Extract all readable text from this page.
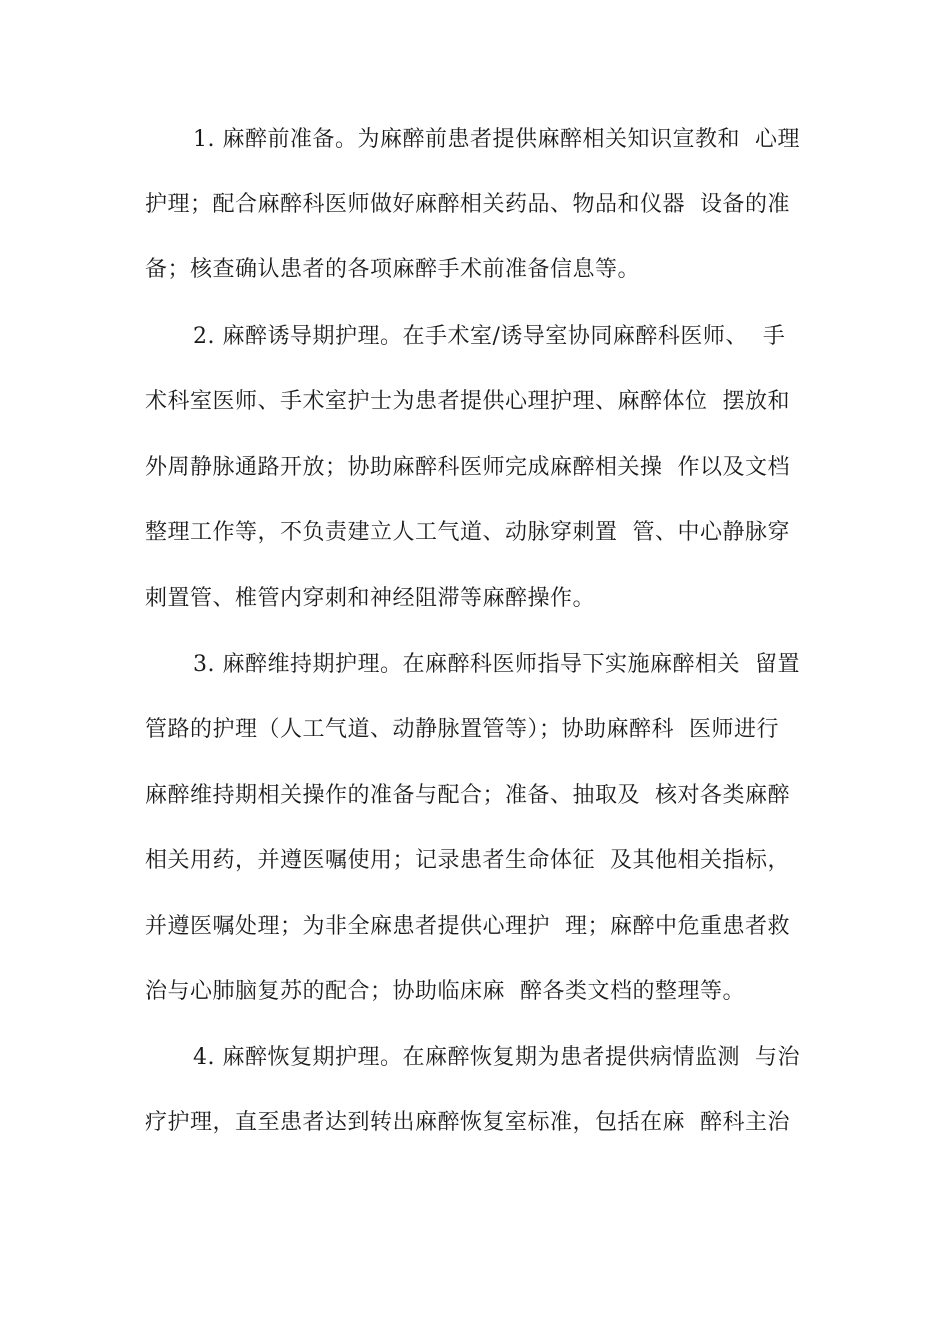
1. 麻醉前准备。为麻醉前患者提供麻醉相关知识宣教和  心理
护理；配合麻醉科医师做好麻醉相关药品、物品和仪器  设备的准
备；核查确认患者的各项麻醉手术前准备信息等。
2. 麻醉诱导期护理。在手术室/诱导室协同麻醉科医师、  手
术科室医师、手术室护士为患者提供心理护理、麻醉体位  摆放和
外周静脉通路开放；协助麻醉科医师完成麻醉相关操  作以及文档
整理工作等，不负责建立人工气道、动脉穿刺置  管、中心静脉穿
刺置管、椎管内穿刺和神经阻滞等麻醉操作。
3. 麻醉维持期护理。在麻醉科医师指导下实施麻醉相关  留置
管路的护理（人工气道、动静脉置管等）；协助麻醉科  医师进行
麻醉维持期相关操作的准备与配合；准备、抽取及  核对各类麻醉
相关用药，并遵医嘱使用；记录患者生命体征  及其他相关指标，
并遵医嘱处理；为非全麻患者提供心理护  理；麻醉中危重患者救
治与心肺脑复苏的配合；协助临床麻  醉各类文档的整理等。
4. 麻醉恢复期护理。在麻醉恢复期为患者提供病情监测  与治
疗护理，直至患者达到转出麻醉恢复室标准，包括在麻  醉科主治
